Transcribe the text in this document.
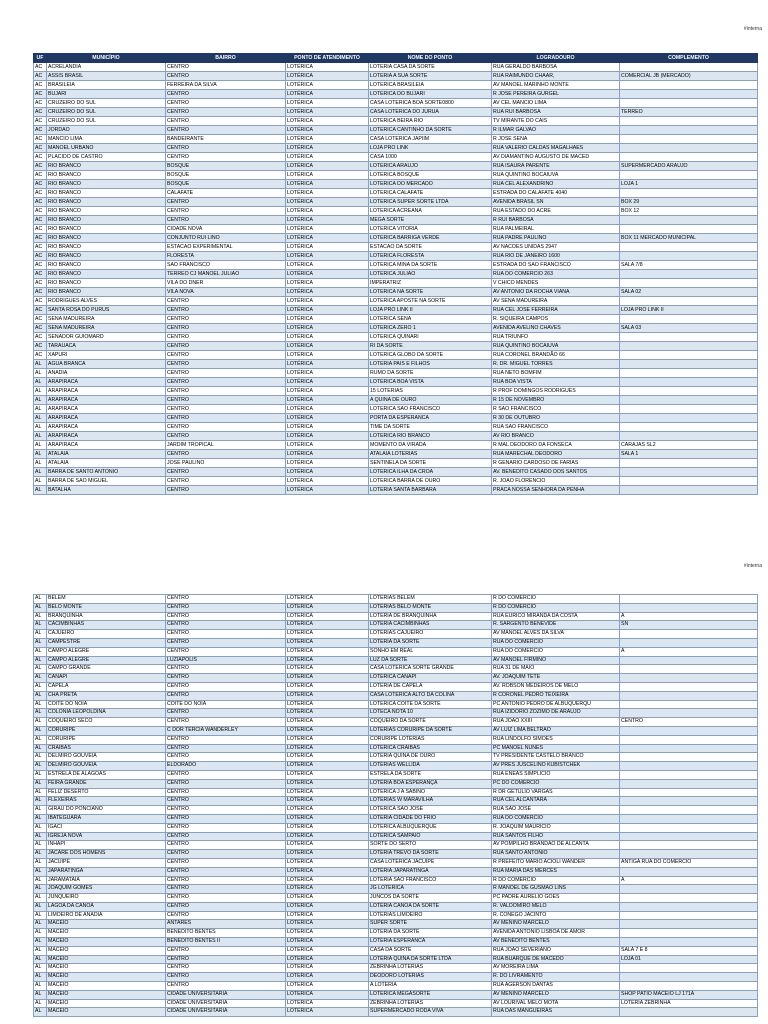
#interna
UF	MUNICÍPIO	BAIRRO	PONTO DE ATENDIMENTO	NOME DO PONTO	LOGRADOURO	COMPLEMENTO
AC	ACRELANDIA	CENTRO	LOTÉRICA	LOTERIA CASA DA SORTE	RUA GERALDO BARBOSA	
AC	ASSIS BRASIL	CENTRO	LOTÉRICA	LOTERIA A SUA SORTE	RUA RAIMUNDO CHAAR,	COMERCIAL JB (MERCADO)
AC	BRASILEIA	FERREIRA DA SILVA	LOTÉRICA	LOTERICA BRASILEIA	AV MANOEL MARINHO MONTE	
AC	BUJARI	CENTRO	LOTÉRICA	LOTERICA DO BUJARI	R JOSE PEREIRA GURGEL	
AC	CRUZEIRO DO SUL	CENTRO	LOTÉRICA	CASA LOTERICA BOA SORTE0800	AV CEL MANCIO LIMA	
AC	CRUZEIRO DO SUL	CENTRO	LOTÉRICA	CASA LOTERICA DO JURUA	RUA RUI BARBOSA	TERREO
AC	CRUZEIRO DO SUL	CENTRO	LOTÉRICA	LOTERICA BEIRA RIO	TV MIRANTE DO CAIS	
AC	JORDAO	CENTRO	LOTÉRICA	LOTERICA CANTINHO DA SORTE	R ILMAR GALVAO	
AC	MANCIO LIMA	BANDEIRANTE	LOTÉRICA	CASA LOTERICA JAPIIM	R JOSE SENA	
AC	MANOEL URBANO	CENTRO	LOTÉRICA	LOJA PRO LINK	RUA VALERIO CALDAS MAGALHAES	
AC	PLACIDO DE CASTRO	CENTRO	LOTÉRICA	CASA 1000	AV DIAMANTINO AUGUSTO DE MACED	
AC	RIO BRANCO	BOSQUE	LOTÉRICA	LOTERICA ARAUJO	RUA ISAURA PARENTE	SUPERMERCADO ARAUJO
AC	RIO BRANCO	BOSQUE	LOTÉRICA	LOTERICA BOSQUE	RUA QUINTINO BOCAIUVA	
AC	RIO BRANCO	BOSQUE	LOTÉRICA	LOTERICA DO MERCADO	RUA CEL ALEXANDRINO	LOJA 1
AC	RIO BRANCO	CALAFATE	LOTÉRICA	LOTERICA CALAFATE	ESTRADA DO CALAFATE 4040	
AC	RIO BRANCO	CENTRO	LOTÉRICA	LOTERICA SUPER SORTE LTDA	AVENIDA BRASIL SN	BOX 29
AC	RIO BRANCO	CENTRO	LOTÉRICA	LOTERICA ACREANA	RUA ESTADO DO ACRE	BOX 12
AC	RIO BRANCO	CENTRO	LOTÉRICA	MEGA SORTE	R RUI BARBOSA	
AC	RIO BRANCO	CIDADE NOVA	LOTÉRICA	LOTERICA VITORIA	RUA PALMEIRAL	
AC	RIO BRANCO	CONJUNTO RUI LINO	LOTÉRICA	LOTERICA BARRIGA VERDE	RUA PADRE PAULINO	BOX 11 MERCADO MUNICIPAL
AC	RIO BRANCO	ESTACAO EXPERIMENTAL	LOTÉRICA	ESTACAO DA SORTE	AV NACOES UNIDAS 2947	
AC	RIO BRANCO	FLORESTA	LOTÉRICA	LOTERICA FLORESTA	RUA RIO DE JANEIRO 1600	
AC	RIO BRANCO	SAO FRANCISCO	LOTÉRICA	LOTERICA MINA DA SORTE	ESTRADA DO SAO FRANCISCO	SALA 7/8
AC	RIO BRANCO	TERREO CJ MANOEL JULIAO	LOTÉRICA	LOTERICA JULIAO	RUA DO COMERCIO 263	
AC	RIO BRANCO	VILA DO DNER	LOTÉRICA	IMPERATRIZ	V CHICO MENDES	
AC	RIO BRANCO	VILA NOVA	LOTÉRICA	LOTERICA NA SORTE	AV ANTONIO DA ROCHA VIANA	SALA 02
AC	RODRIGUES ALVES	CENTRO	LOTÉRICA	LOTERICA APOSTE NA SORTE	AV SENA MADUREIRA	
AC	SANTA ROSA DO PURUS	CENTRO	LOTÉRICA	LOJA PRO LINK II	RUA CEL JOSE FERREIRA	LOJA PRO LINK II
AC	SENA MADUREIRA	CENTRO	LOTÉRICA	LOTERICA SENA	R. SIQUEIRA CAMPOS	
AC	SENA MADUREIRA	CENTRO	LOTÉRICA	LOTERICA ZERO 1	AVENIDA AVELINO CHAVES	SALA 03
AC	SENADOR GUIOMARD	CENTRO	LOTÉRICA	LOTERICA QUINARI	RUA TRIUNFO	
AC	TARAUACA	CENTRO	LOTÉRICA	RI DA SORTE	RUA QUINTINO BOCAIUVA	
AC	XAPURI	CENTRO	LOTÉRICA	LOTERICA GLOBO DA SORTE	RUA CORONEL BRANDÃO 66	
AL	AGUA BRANCA	CENTRO	LOTÉRICA	LOTERIA PAIS E FILHOS	R. DR. MIGUEL TORRES	
AL	ANADIA	CENTRO	LOTÉRICA	RUMO DA SORTE	RUA NETO BOMFIM	
AL	ARAPIRACA	CENTRO	LOTÉRICA	LOTERICA BOA VISTA	RUA BOA VISTA	
AL	ARAPIRACA	CENTRO	LOTÉRICA	15 LOTERIAS	R PROF DOMINGOS RODRIGUES	
AL	ARAPIRACA	CENTRO	LOTÉRICA	A QUINA DE OURO	R 15 DE NOVEMBRO	
AL	ARAPIRACA	CENTRO	LOTÉRICA	LOTERICA SAO FRANCISCO	R SAO FRANCISCO	
AL	ARAPIRACA	CENTRO	LOTÉRICA	PORTA DA ESPERANCA	R 30 DE OUTUBRO	
AL	ARAPIRACA	CENTRO	LOTÉRICA	TIME DA SORTE	RUA SAO FRANCISCO	
AL	ARAPIRACA	CENTRO	LOTÉRICA	LOTERICA RIO BRANCO	AV RIO BRANCO	
AL	ARAPIRACA	JARDIM TROPICAL	LOTÉRICA	MOMENTO DA VIRADA	R MAL DEODORO DA FONSECA	CARAJAS SL2
AL	ATALAIA	CENTRO	LOTÉRICA	ATALAIA LOTERIAS	RUA MARECHAL DEODORO	SALA 1
AL	ATALAIA	JOSE PAULINO	LOTÉRICA	SENTINELA DA SORTE	R GENARIO CARDOSO DE FARIAS	
AL	BARRA DE SANTO ANTONIO	CENTRO	LOTÉRICA	LOTERICA ILHA DA CROA	AV. BENEDITO CASADO DOS SANTOS	
AL	BARRA DE SAO MIGUEL	CENTRO	LOTÉRICA	LOTERICA BARRA DE OURO	R. JOAO FLORENCIO	
AL	BATALHA	CENTRO	LOTÉRICA	LOTERIA SANTA BARBARA	PRACA NOSSA SENHORA DA PENHA	
#interna
AL	BELEM	CENTRO	LOTÉRICA	LOTERIAS BELEM	R DO COMERCIO	
AL	BELO MONTE	CENTRO	LOTÉRICA	LOTERIAS BELO MONTE	R DO COMERCIO	
AL	BRANQUINHA	CENTRO	LOTÉRICA	LOTERIA DE BRANQUINHA	RUA EURICO MIRANDA DA COSTA	A
AL	CACIMBINHAS	CENTRO	LOTÉRICA	LOTERIA CACIMBINHAS	R. SARGENTO BENEVIDE	SN
AL	CAJUEIRO	CENTRO	LOTÉRICA	LOTERIAS CAJUEIRO	AV MANOEL ALVES DA SILVA	
AL	CAMPESTRE	CENTRO	LOTÉRICA	LOTERIA DA SORTE	RUA DO COMERCIO	
AL	CAMPO ALEGRE	CENTRO	LOTÉRICA	SONHO EM REAL	RUA DO COMERCIO	A
AL	CAMPO ALEGRE	LUZIAPOLIS	LOTÉRICA	LUZ DA SORTE	AV MANOEL FIRMINO	
AL	CAMPO GRANDE	CENTRO	LOTÉRICA	CASA LOTERICA SORTE GRANDE	RUA 31 DE MAIO	
AL	CANAPI	CENTRO	LOTÉRICA	LOTERICA CANAPI	AV. JOAQUIM TETE	
AL	CAPELA	CENTRO	LOTÉRICA	LOTERIA DE CAPELA	AV. ROBSON MEDEIROS DE MELO	
AL	CHA PRETA	CENTRO	LOTÉRICA	CASA LOTERICA ALTO DA COLINA	R CORONEL PEDRO TEIXEIRA	
AL	COITE DO NOIA	COITE DO NOIA	LOTÉRICA	LOTERICA COITE DA SORTE	PC ANTONIO PEDRO DE ALBUQUERQU	
AL	COLONIA LEOPOLDINA	CENTRO	LOTÉRICA	LOTECA NOTA 10	RUA IZIDORIO ZOZIMO DE ARAUJO	
AL	COQUEIRO SECO	CENTRO	LOTÉRICA	COQUEIRO DA SORTE	RUA JOAO XXIII	CENTRO
AL	CORURIPE	C DOR TERCIA WANDERLEY	LOTÉRICA	LOTERIAS CORURIPE DA SORTE	AV LUIZ LIMA BELTRAO	
AL	CORURIPE	CENTRO	LOTÉRICA	CORURIPE LOTERIAS	RUA LINDOLFO SIMOES	
AL	CRAIBAS	CENTRO	LOTÉRICA	LOTERICA CRAIBAS	PC MANOEL NUNES	
AL	DELMIRO GOUVEIA	CENTRO	LOTÉRICA	LOTERIA QUINA DE OURO	TV PRESIDENTE CASTELO BRANCO	
AL	DELMIRO GOUVEIA	ELDORADO	LOTÉRICA	LOTERIAS WELLIDA	AV PRES JUSCELINO KUBISTCHEK	
AL	ESTRELA DE ALAGOAS	CENTRO	LOTÉRICA	ESTRELA DA SORTE	RUA ENEAS SIMPLICIO	
AL	FEIRA GRANDE	CENTRO	LOTÉRICA	LOTERIA BOA ESPERANÇA	PC DO COMERCIO	
AL	FELIZ DESERTO	CENTRO	LOTÉRICA	LOTERICA J A SABINO	R DR GETULIO VARGAS	
AL	FLEXEIRAS	CENTRO	LOTÉRICA	LOTERIAS W MARAVILHA	RUA CEL ALCANTARA	
AL	GIRAU DO PONCIANO	CENTRO	LOTÉRICA	LOTERICA SAO JOSE	RUA SAO JOSE	
AL	IBATEGUARA	CENTRO	LOTÉRICA	LOTERIA CIDADE DO FRIO	RUA DO COMERCIO	
AL	IGACI	CENTRO	LOTÉRICA	LOTERICA ALBUQUERQUE	R. JOAQUIM MAURICIO	
AL	IGREJA NOVA	CENTRO	LOTÉRICA	LOTERICA SAMPAIO	RUA SANTOS FILHO	
AL	INHAPI	CENTRO	LOTÉRICA	SORTE DO SERTO	AV POMPILHO BRANDAO DE ALCANTA	
AL	JACARE DOS HOMENS	CENTRO	LOTÉRICA	LOTERIA TREVO DA SORTE	RUA SANTO ANTONIO	
AL	JACUIPE	CENTRO	LOTÉRICA	CASA LOTERICA JACUIPE	R PREFEITO MARIO ACIOLI WANDER	ANTIGA RUA DO COMERCIO
AL	JAPARATINGA	CENTRO	LOTÉRICA	LOTERIA JAPARATINGA	RUA MARIA DAS MERCES	
AL	JARAMATAIA	CENTRO	LOTÉRICA	LOTERIA SAO FRANCISCO	R DO COMERCIO	A
AL	JOAQUIM GOMES	CENTRO	LOTÉRICA	JG LOTERICA	R MANOEL DE GUSMAO LINS	
AL	JUNQUEIRO	CENTRO	LOTÉRICA	JUNCOS DA SORTE	PC PADRE AURELIO GOES	
AL	LAGOA DA CANOA	CENTRO	LOTÉRICA	LOTERIA CANOA DA SORTE	R. VALDOMIRO MELO	
AL	LIMOEIRO DE ANADIA	CENTRO	LOTÉRICA	LOTERIAS LIMOEIRO	R. CONEGO JACINTO	
AL	MACEIO	ANTARES	LOTÉRICA	SUPER SORTE	AV MENINO MARCELO	
AL	MACEIO	BENEDITO BENTES	LOTÉRICA	LOTERIA DA SORTE	AVENIDA ANTONIO LISBOA DE AMOR	
AL	MACEIO	BENEDITO BENTES II	LOTÉRICA	LOTERIA ESPERANCA	AV BENEDITO BENTES	
AL	MACEIO	CENTRO	LOTÉRICA	CASA DA SORTE	RUA JOAO SEVERIANO	SALA 7 E 8
AL	MACEIO	CENTRO	LOTÉRICA	LOTERIA QUINA DA SORTE LTDA	RUA BUARQUE DE MACEDO	LOJA 01
AL	MACEIO	CENTRO	LOTÉRICA	ZEBRINHA LOTERIAS	AV MOREIRA LIMA	
AL	MACEIO	CENTRO	LOTÉRICA	DEODORO LOTERIAS	R. DO LIVRAMENTO	
AL	MACEIO	CENTRO	LOTÉRICA	A LOTERIA	RUA AGERSON DANTAS	
AL	MACEIO	CIDADE UNIVERSITARIA	LOTÉRICA	LOTERICA MEGASORTE	AV MENINO MARCELO	SHOP PATIO MACEIO LJ 171A
AL	MACEIO	CIDADE UNIVERSITARIA	LOTÉRICA	ZEBRINHA LOTERIAS	AV LOURIVAL MELO MOTA	LOTERIA ZEBRINHA
AL	MACEIO	CIDADE UNIVERSITARIA	LOTÉRICA	SUPERMERCADO RODA VIVA	RUA DAS MANGUEIRAS	
